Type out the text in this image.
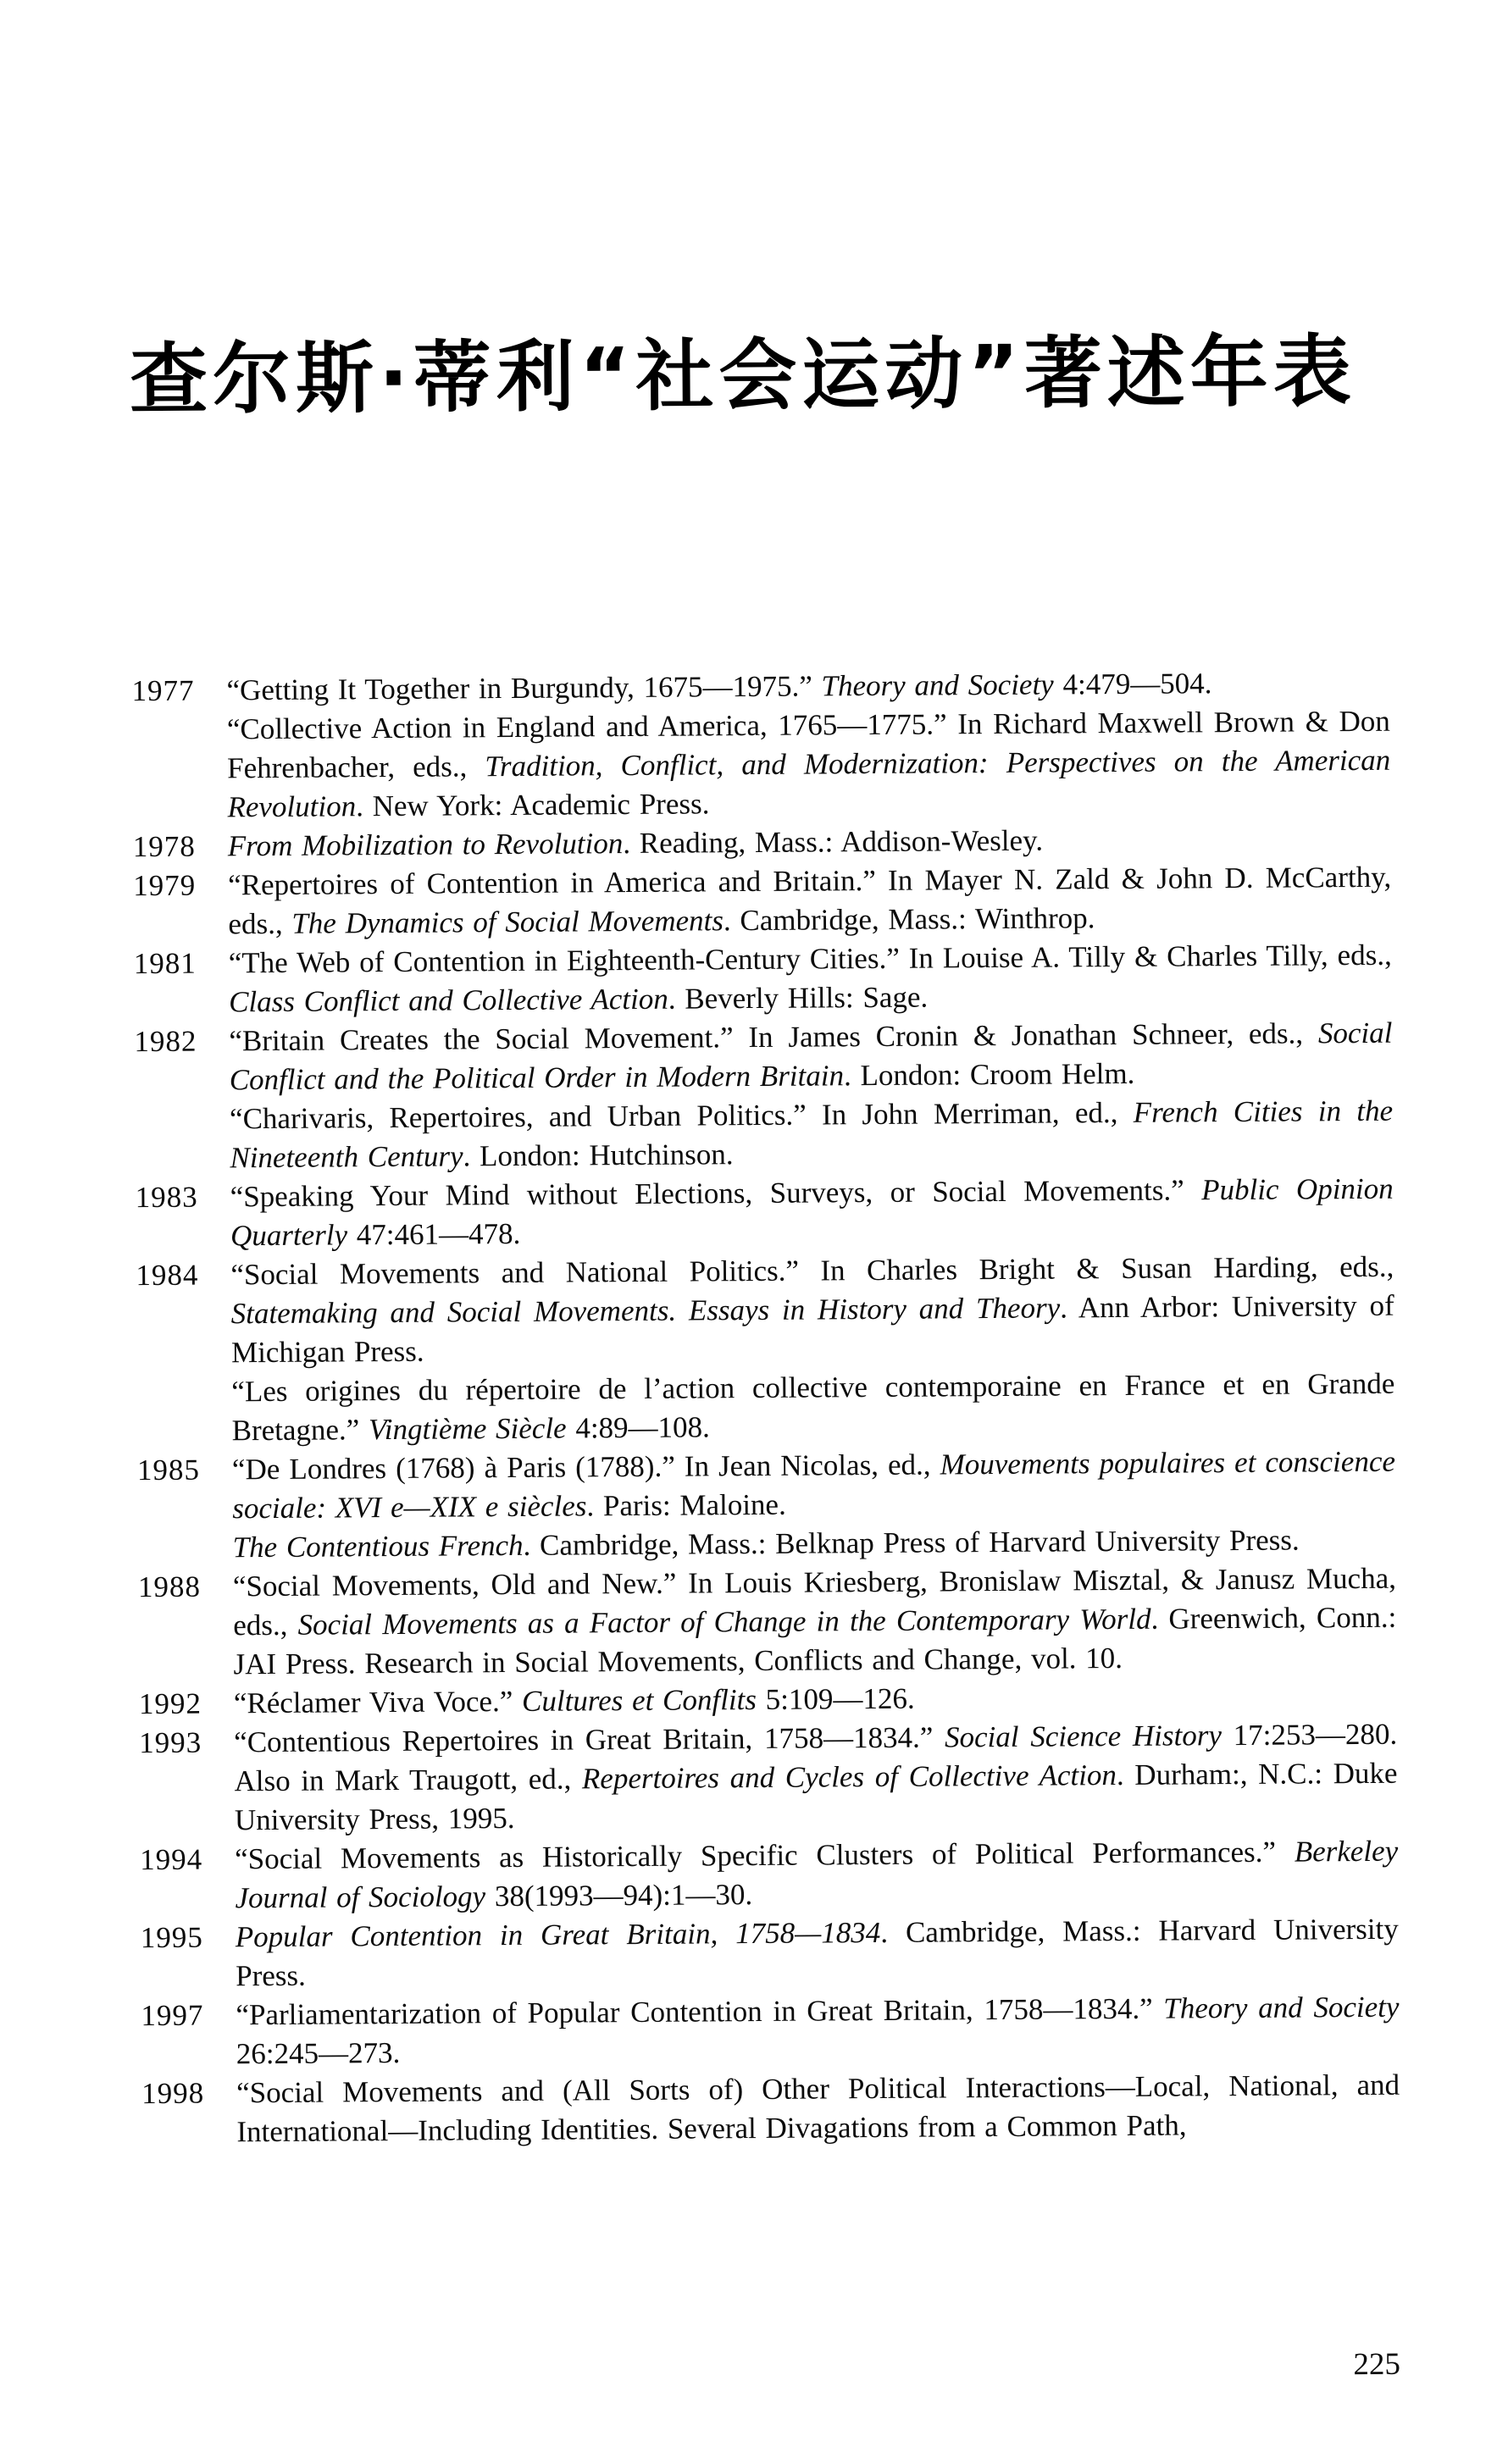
查尔斯·蒂利“社会运动”著述年表

1977	“Getting It Together in Burgundy, 1675—1975.” Theory and Society 4:479—504.

“Collective Action in England and America, 1765—1775.” In Richard Maxwell Brown & Don Fehrenbacher, eds., Tradition, Conflict, and Modernization: Perspectives on the American Revolution. New York: Academic Press.

1978	From Mobilization to Revolution. Reading, Mass.: Addison-Wesley.

1979	“Repertoires of Contention in America and Britain.” In Mayer N. Zald & John D. McCarthy, eds., The Dynamics of Social Movements. Cambridge, Mass.: Winthrop.

1981	“The Web of Contention in Eighteenth-Century Cities.” In Louise A. Tilly & Charles Tilly, eds., Class Conflict and Collective Action. Beverly Hills: Sage.

1982	“Britain Creates the Social Movement.” In James Cronin & Jonathan Schneer, eds., Social Conflict and the Political Order in Modern Britain. London: Croom Helm.

“Charivaris, Repertoires, and Urban Politics.” In John Merriman, ed., French Cities in the Nineteenth Century. London: Hutchinson.

1983	“Speaking Your Mind without Elections, Surveys, or Social Movements.” Public Opinion Quarterly 47:461—478.

1984	“Social Movements and National Politics.” In Charles Bright & Susan Harding, eds., Statemaking and Social Movements. Essays in History and Theory. Ann Arbor: University of Michigan Press.

“Les origines du répertoire de l’action collective contemporaine en France et en Grande Bretagne.” Vingtième Siècle 4:89—108.

1985	“De Londres (1768) à Paris (1788).” In Jean Nicolas, ed., Mouvements populaires et conscience sociale: XVI e—XIX e siècles. Paris: Maloine.

The Contentious French. Cambridge, Mass.: Belknap Press of Harvard University Press.

1988	“Social Movements, Old and New.” In Louis Kriesberg, Bronislaw Misztal, & Janusz Mucha, eds., Social Movements as a Factor of Change in the Contemporary World. Greenwich, Conn.: JAI Press. Research in Social Movements, Conflicts and Change, vol. 10.

1992	“Réclamer Viva Voce.” Cultures et Conflits 5:109—126.

1993	“Contentious Repertoires in Great Britain, 1758—1834.” Social Science History 17:253—280. Also in Mark Traugott, ed., Repertoires and Cycles of Collective Action. Durham:, N.C.: Duke University Press, 1995.

1994	“Social Movements as Historically Specific Clusters of Political Performances.” Berkeley Journal of Sociology 38(1993—94):1—30.

1995	Popular Contention in Great Britain, 1758—1834. Cambridge, Mass.: Harvard University Press.

1997	“Parliamentarization of Popular Contention in Great Britain, 1758—1834.” Theory and Society 26:245—273.

1998	“Social Movements and (All Sorts of) Other Political Interactions—Local, National, and International—Including Identities. Several Divagations from a Common Path,

225
